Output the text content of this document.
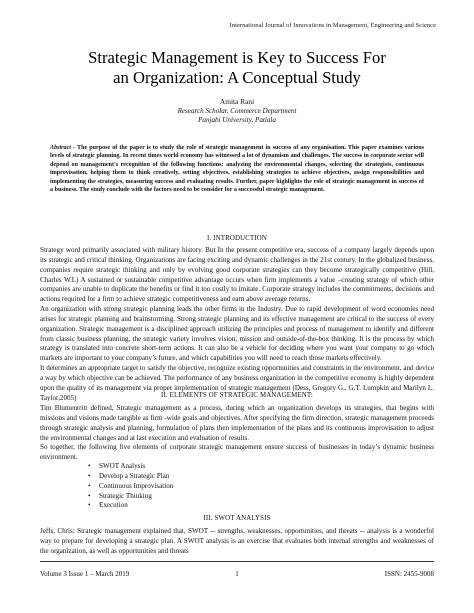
International Journal of Innovations in Management, Engineering and Science
Strategic Management is Key to Success For
an Organization: A Conceptual Study
Amita Rani
Research Scholar, Commerce Department
Panjabi University, Patiala
Abstract - The purpose of the paper is to study the role of strategic management in success of any organisation. This paper examines various levels of strategic planning. In recent times world economy has witnessed a lot of dynamism and challenges. The success in corporate sector will depend on management's recognition of the following functions: analyzing the environmental changes, selecting the strategists, continuous improvisation, helping them to think creatively, setting objectives, establishing strategies to achieve objectives, assign responsibilities and implementing the strategies, measuring success and evaluating results. Further, paper highlights the role of strategic management in success of a business. The study conclude with the factors need to be consider for a successful strategic management.
I. INTRODUCTION

Strategy word primarily associated with military history. But In the present competitive era, success of a company largely depends upon its strategic and critical thinking. Organizations are facing exciting and dynamic challenges in the 21st century. In the globalized business, companies require strategic thinking and only by evolving good corporate strategies can they become strategically competitive (Hill, Charles W.L) A sustained or sustainable competitive advantage occurs when firm implements a value –creating strategy of which other companies are unable to duplicate the benefits or find it too costly to imitate. Corporate strategy includes the commitments, decisions and actions required for a firm to achieve strategic competitiveness and earn above average returns.

An organization with strong strategic planning leads the other firms in the Industry. Due to rapid development of word economies need arises for strategic planning and brainstorming. Strong strategic planning and its effective management are critical to the success of every organization. Strategic management is a disciplined approach utilizing the principles and process of management to identify and different from classic business planning, the strategic variety involves vision, mission and outside-of-the-box thinking. It is the process by which strategy is translated into concrete short-term actions. It can also be a vehicle for deciding where you want your company to go which markets are important to your company’s future, and which capabilities you will need to reach those markets effectively.

It determines an appropriate target to satisfy the objective, recognize existing opportunities and constraints in the environment, and device a way by which objective can be achieved. The performance of any business organization in the competitive economy is highly dependent upon the quality of its management via proper implementation of strategic management (Dess, Gregory G., G.T. Lumpkin and Marilyn L. Taylor,2005)	II. ELEMENTS OF STRATEGIC MANAGEMENT:

Tim Blumentritt defined, Strategic management as a process, during which an organization develops its strategies, that begins with missions and visions made tangible as firm -wide goals and objectives. After specifying the firm direction, strategic management proceeds through strategic analysis and planning, formulation of plans then implementation of the plans and its continuous improvisation to adjust the environmental changes and at last execution and evaluation of results.

So together, the following five elements of corporate strategic management ensure success of businesses in today’s dynamic business environment.

• SWOT Analysis
• Develop a Strategic Plan
• Continuous Improvisation
• Strategic Thinking
• Execution
III. SWOT ANALYSIS

Jeffs, Chris: Strategic management explained that, SWOT -- strengths, weaknesses, opportunities, and threats -- analysis is a wonderful way to prepare for developing a strategic plan. A SWOT analysis is an exercise that evaluates both internal strengths and weaknesses of the organization, as well as opportunities and threats

Volume 3 Issue 1 – March 2019	1	ISSN: 2455-9008
